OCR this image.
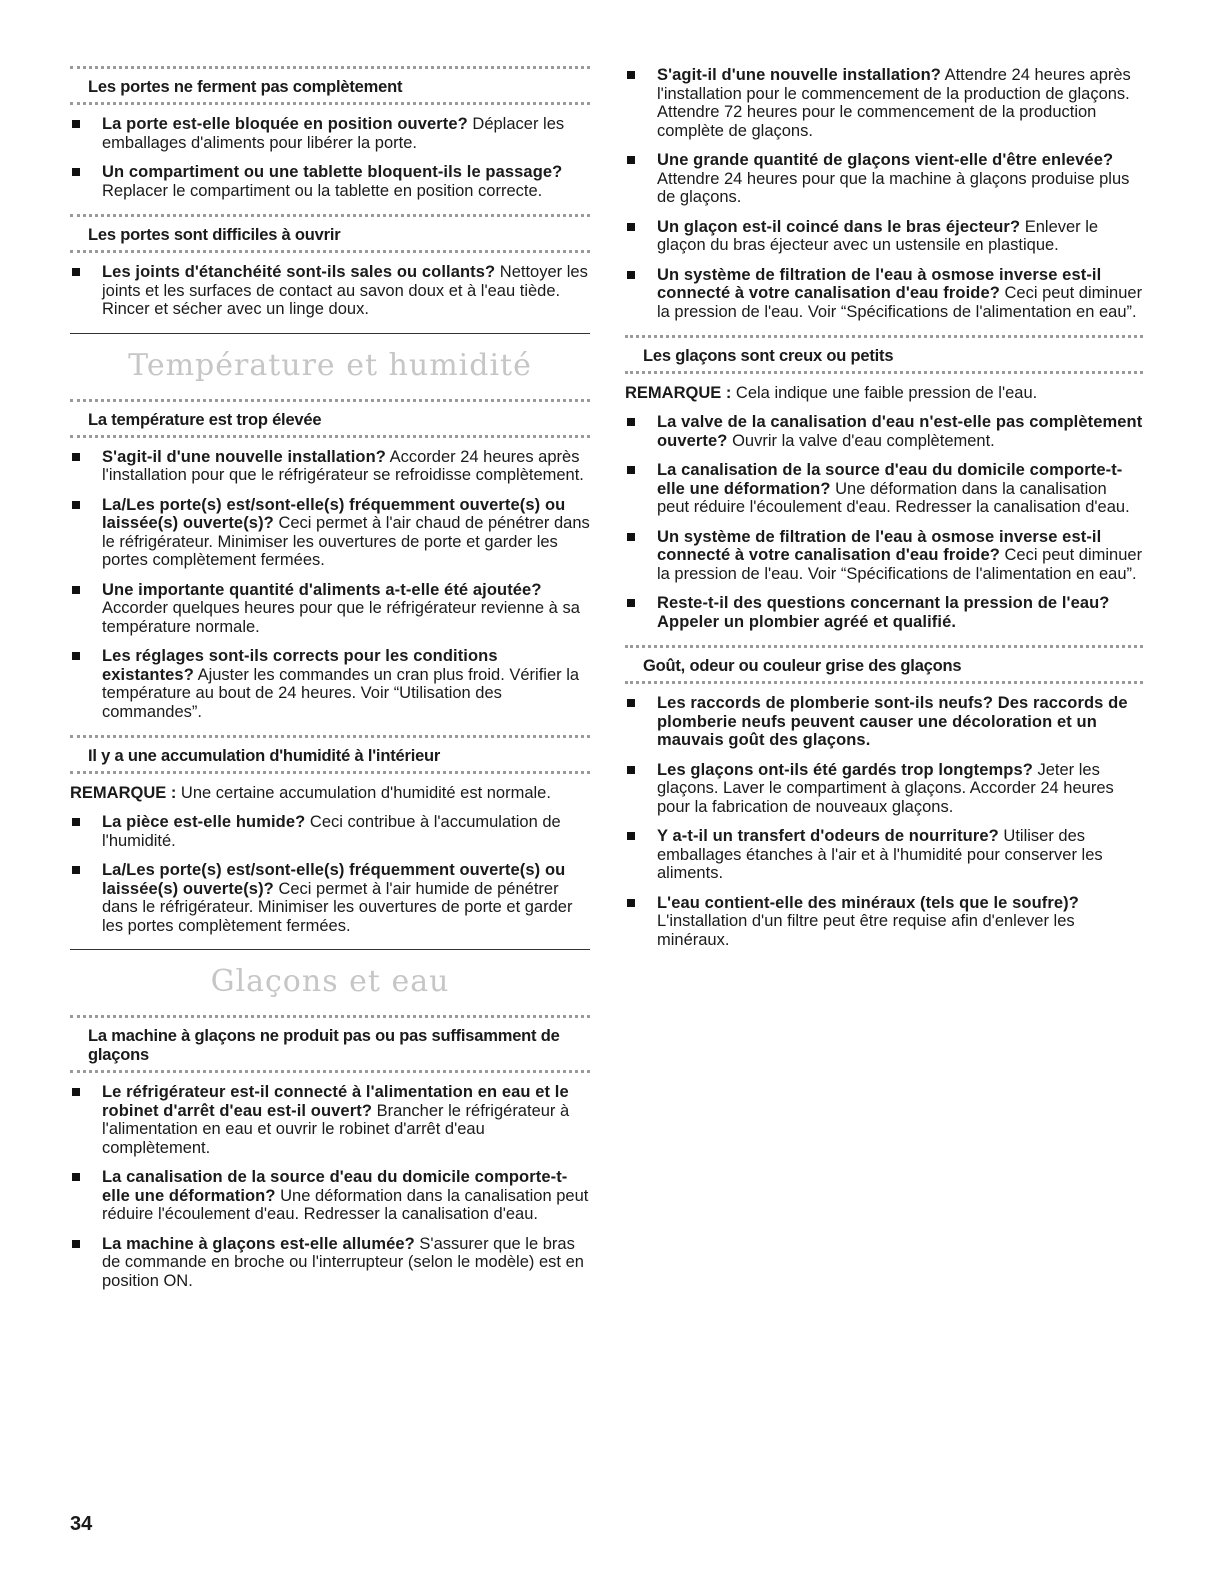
Les portes ne ferment pas complètement
La porte est-elle bloquée en position ouverte? Déplacer les emballages d'aliments pour libérer la porte.
Un compartiment ou une tablette bloquent-ils le passage? Replacer le compartiment ou la tablette en position correcte.
Les portes sont difficiles à ouvrir
Les joints d'étanchéité sont-ils sales ou collants? Nettoyer les joints et les surfaces de contact au savon doux et à l'eau tiède. Rincer et sécher avec un linge doux.
Température et humidité
La température est trop élevée
S'agit-il d'une nouvelle installation? Accorder 24 heures après l'installation pour que le réfrigérateur se refroidisse complètement.
La/Les porte(s) est/sont-elle(s) fréquemment ouverte(s) ou laissée(s) ouverte(s)? Ceci permet à l'air chaud de pénétrer dans le réfrigérateur. Minimiser les ouvertures de porte et garder les portes complètement fermées.
Une importante quantité d'aliments a-t-elle été ajoutée? Accorder quelques heures pour que le réfrigérateur revienne à sa température normale.
Les réglages sont-ils corrects pour les conditions existantes? Ajuster les commandes un cran plus froid. Vérifier la température au bout de 24 heures. Voir “Utilisation des commandes”.
Il y a une accumulation d'humidité à l'intérieur

REMARQUE : Une certaine accumulation d'humidité est normale.

La pièce est-elle humide? Ceci contribue à l'accumulation de l'humidité.
La/Les porte(s) est/sont-elle(s) fréquemment ouverte(s) ou laissée(s) ouverte(s)? Ceci permet à l'air humide de pénétrer dans le réfrigérateur. Minimiser les ouvertures de porte et garder les portes complètement fermées.
Glaçons et eau
La machine à glaçons ne produit pas ou pas suffisamment de glaçons
Le réfrigérateur est-il connecté à l'alimentation en eau et le robinet d'arrêt d'eau est-il ouvert? Brancher le réfrigérateur à l'alimentation en eau et ouvrir le robinet d'arrêt d'eau complètement.
La canalisation de la source d'eau du domicile comporte-t-elle une déformation? Une déformation dans la canalisation peut réduire l'écoulement d'eau. Redresser la canalisation d'eau.
La machine à glaçons est-elle allumée? S'assurer que le bras de commande en broche ou l'interrupteur (selon le modèle) est en position ON.
S'agit-il d'une nouvelle installation? Attendre 24 heures après l'installation pour le commencement de la production de glaçons. Attendre 72 heures pour le commencement de la production complète de glaçons.
Une grande quantité de glaçons vient-elle d'être enlevée? Attendre 24 heures pour que la machine à glaçons produise plus de glaçons.
Un glaçon est-il coincé dans le bras éjecteur? Enlever le glaçon du bras éjecteur avec un ustensile en plastique.
Un système de filtration de l'eau à osmose inverse est-il connecté à votre canalisation d'eau froide? Ceci peut diminuer la pression de l'eau. Voir “Spécifications de l'alimentation en eau”.
Les glaçons sont creux ou petits

REMARQUE : Cela indique une faible pression de l'eau.

La valve de la canalisation d'eau n'est-elle pas complètement ouverte? Ouvrir la valve d'eau complètement.
La canalisation de la source d'eau du domicile comporte-t-elle une déformation? Une déformation dans la canalisation peut réduire l'écoulement d'eau. Redresser la canalisation d'eau.
Un système de filtration de l'eau à osmose inverse est-il connecté à votre canalisation d'eau froide? Ceci peut diminuer la pression de l'eau. Voir “Spécifications de l'alimentation en eau”.
Reste-t-il des questions concernant la pression de l'eau? Appeler un plombier agréé et qualifié.
Goût, odeur ou couleur grise des glaçons
Les raccords de plomberie sont-ils neufs? Des raccords de plomberie neufs peuvent causer une décoloration et un mauvais goût des glaçons.
Les glaçons ont-ils été gardés trop longtemps? Jeter les glaçons. Laver le compartiment à glaçons. Accorder 24 heures pour la fabrication de nouveaux glaçons.
Y a-t-il un transfert d'odeurs de nourriture? Utiliser des emballages étanches à l'air et à l'humidité pour conserver les aliments.
L'eau contient-elle des minéraux (tels que le soufre)? L'installation d'un filtre peut être requise afin d'enlever les minéraux.
34
